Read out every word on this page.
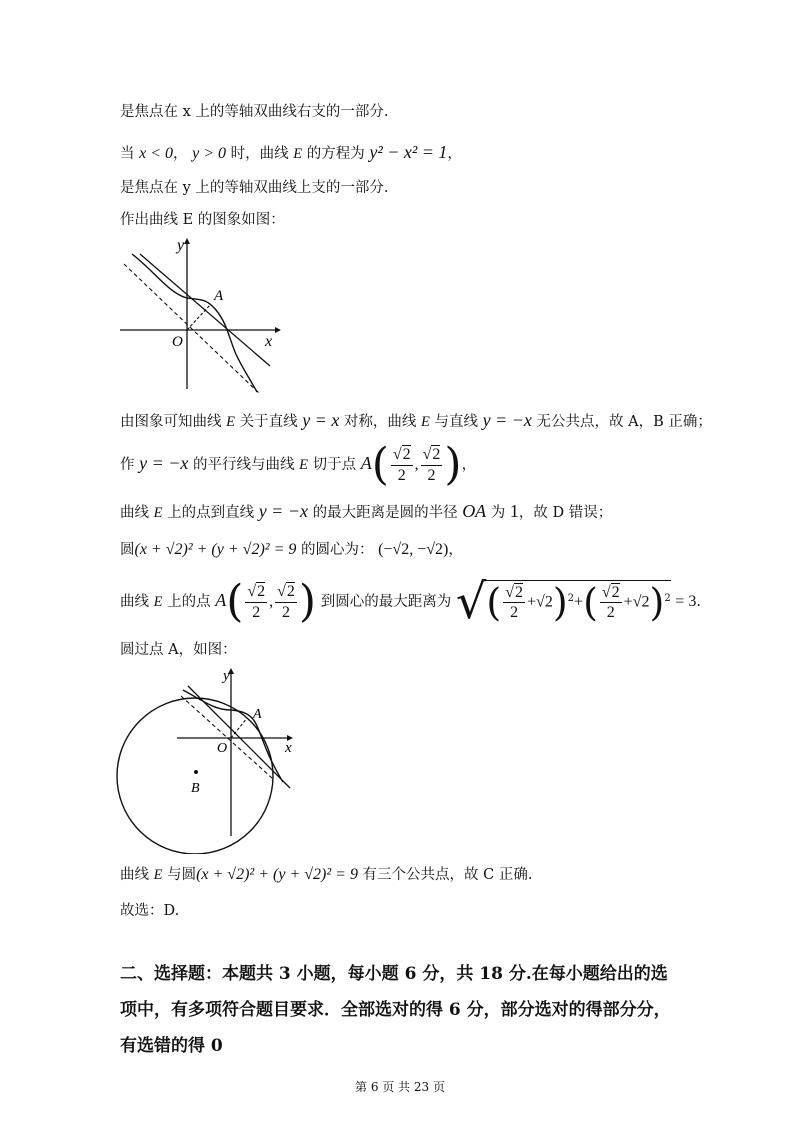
是焦点在 x 上的等轴双曲线右支的一部分.
当 x < 0， y > 0 时，曲线 E 的方程为 y² − x² = 1，
是焦点在 y 上的等轴双曲线上支的一部分.
作出曲线 E 的图象如图：
y
x
O
A
由图象可知曲线 E 关于直线 y = x 对称，曲线 E 与直线 y = −x 无公共点，故 A，B 正确；
作 y = −x 的平行线与曲线 E 切于点 $A( \frac{√2}{2}$ , $\frac{√2}{2}$ )，
曲线 E 上的点到直线 y = −x 的最大距离是圆的半径 OA 为 1，故 D 错误；
圆(x + √2)² + (y + √2)² = 9 的圆心为： (−√2, −√2)，
曲线 E 上的点 $A( \frac{√2}{2}$ , $\frac{√2}{2}$ ) 到圆心的最大距离为 √( $\frac{√2}{2} +√2)^2+( \frac{√2}{2} +√2)^2 = 3$.
圆过点 A，如图：
y
x
O
A
B
曲线 E 与圆(x + √2)² + (y + √2)² = 9 有三个公共点，故 C 正确.
故选：D.
二、选择题：本题共 3 小题，每小题 6 分，共 18 分.在每小题给出的选项中，有多项符合题目要求．全部选对的得 6 分，部分选对的得部分分，有选错的得 0
第 6 页 共 23 页
